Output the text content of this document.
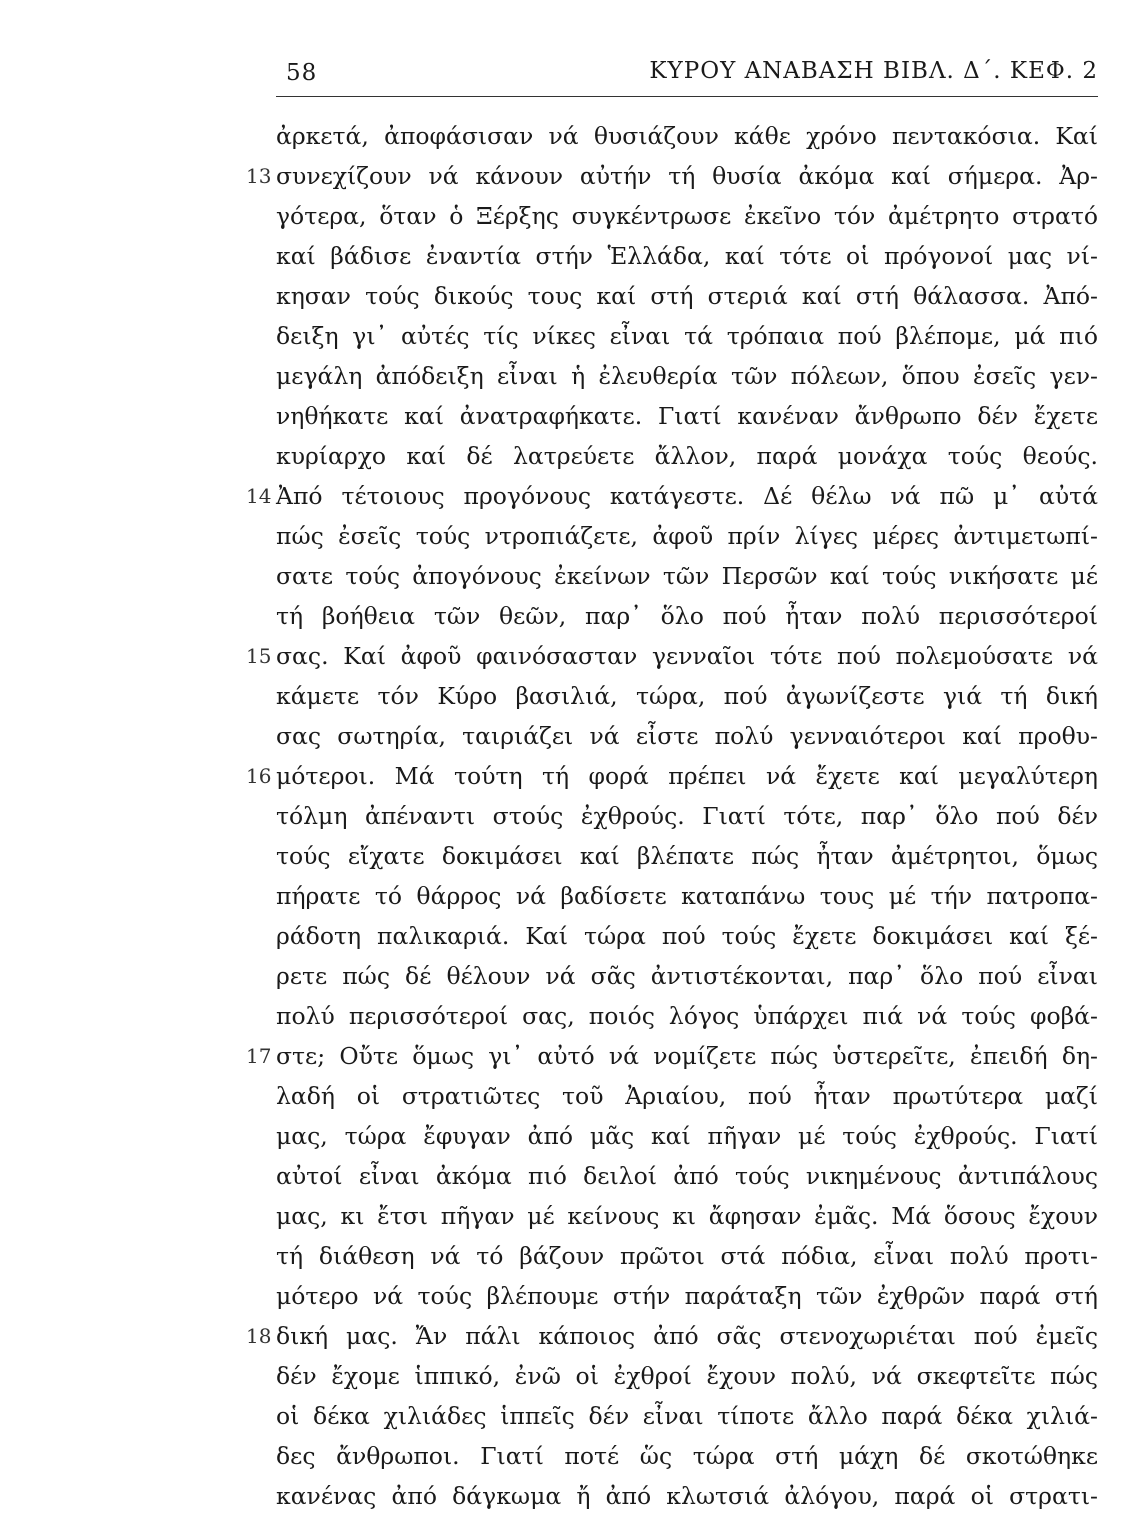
58	ΚΥΡΟΥ ΑΝΑΒΑΣΗ ΒΙΒΛ. Δ΄. ΚΕΦ. 2
ἀρκετά, ἀποφάσισαν νά θυσιάζουν κάθε χρόνο πεντακόσια. Καί
13 συνεχίζουν νά κάνουν αὐτήν τή θυσία ἀκόμα καί σήμερα. Ἀρ-
γότερα, ὅταν ὁ Ξέρξης συγκέντρωσε ἐκεῖνο τόν ἀμέτρητο στρατό
καί βάδισε ἐναντία στήν Ἑλλάδα, καί τότε οἱ πρόγονοί μας νί-
κησαν τούς δικούς τους καί στή στεριά καί στή θάλασσα. Ἀπό-
δειξη γι᾿ αὐτές τίς νίκες εἶναι τά τρόπαια πού βλέπομε, μά πιό
μεγάλη ἀπόδειξη εἶναι ἡ ἐλευθερία τῶν πόλεων, ὅπου ἐσεῖς γεν-
νηθήκατε καί ἀνατραφήκατε. Γιατί κανέναν ἄνθρωπο δέν ἔχετε
κυρίαρχο καί δέ λατρεύετε ἄλλον, παρά μονάχα τούς θεούς.
14 Ἀπό τέτοιους προγόνους κατάγεστε. Δέ θέλω νά πῶ μ᾿ αὐτά
πώς ἐσεῖς τούς ντροπιάζετε, ἀφοῦ πρίν λίγες μέρες ἀντιμετωπί-
σατε τούς ἀπογόνους ἐκείνων τῶν Περσῶν καί τούς νικήσατε μέ
τή βοήθεια τῶν θεῶν, παρ᾿ ὅλο πού ἦταν πολύ περισσότεροί
15 σας. Καί ἀφοῦ φαινόσασταν γενναῖοι τότε πού πολεμούσατε νά
κάμετε τόν Κύρο βασιλιά, τώρα, πού ἀγωνίζεστε γιά τή δική
σας σωτηρία, ταιριάζει νά εἶστε πολύ γενναιότεροι καί προθυ-
16 μότεροι. Μά τούτη τή φορά πρέπει νά ἔχετε καί μεγαλύτερη
τόλμη ἀπέναντι στούς ἐχθρούς. Γιατί τότε, παρ᾿ ὅλο πού δέν
τούς εἴχατε δοκιμάσει καί βλέπατε πώς ἦταν ἀμέτρητοι, ὅμως
πήρατε τό θάρρος νά βαδίσετε καταπάνω τους μέ τήν πατροπα-
ράδοτη παλικαριά. Καί τώρα πού τούς ἔχετε δοκιμάσει καί ξέ-
ρετε πώς δέ θέλουν νά σᾶς ἀντιστέκονται, παρ᾿ ὅλο πού εἶναι
πολύ περισσότεροί σας, ποιός λόγος ὑπάρχει πιά νά τούς φοβά-
17 στε; Οὔτε ὅμως γι᾿ αὐτό νά νομίζετε πώς ὑστερεῖτε, ἐπειδή δη-
λαδή οἱ στρατιῶτες τοῦ Ἀριαίου, πού ἦταν πρωτύτερα μαζί
μας, τώρα ἔφυγαν ἀπό μᾶς καί πῆγαν μέ τούς ἐχθρούς. Γιατί
αὐτοί εἶναι ἀκόμα πιό δειλοί ἀπό τούς νικημένους ἀντιπάλους
μας, κι ἔτσι πῆγαν μέ κείνους κι ἄφησαν ἐμᾶς. Μά ὅσους ἔχουν
τή διάθεση νά τό βάζουν πρῶτοι στά πόδια, εἶναι πολύ προτι-
μότερο νά τούς βλέπουμε στήν παράταξη τῶν ἐχθρῶν παρά στή
18 δική μας. Ἄν πάλι κάποιος ἀπό σᾶς στενοχωριέται πού ἐμεῖς
δέν ἔχομε ἱππικό, ἐνῶ οἱ ἐχθροί ἔχουν πολύ, νά σκεφτεῖτε πώς
οἱ δέκα χιλιάδες ἱππεῖς δέν εἶναι τίποτε ἄλλο παρά δέκα χιλιά-
δες ἄνθρωποι. Γιατί ποτέ ὥς τώρα στή μάχη δέ σκοτώθηκε
κανένας ἀπό δάγκωμα ἤ ἀπό κλωτσιά ἀλόγου, παρά οἱ στρατι-
